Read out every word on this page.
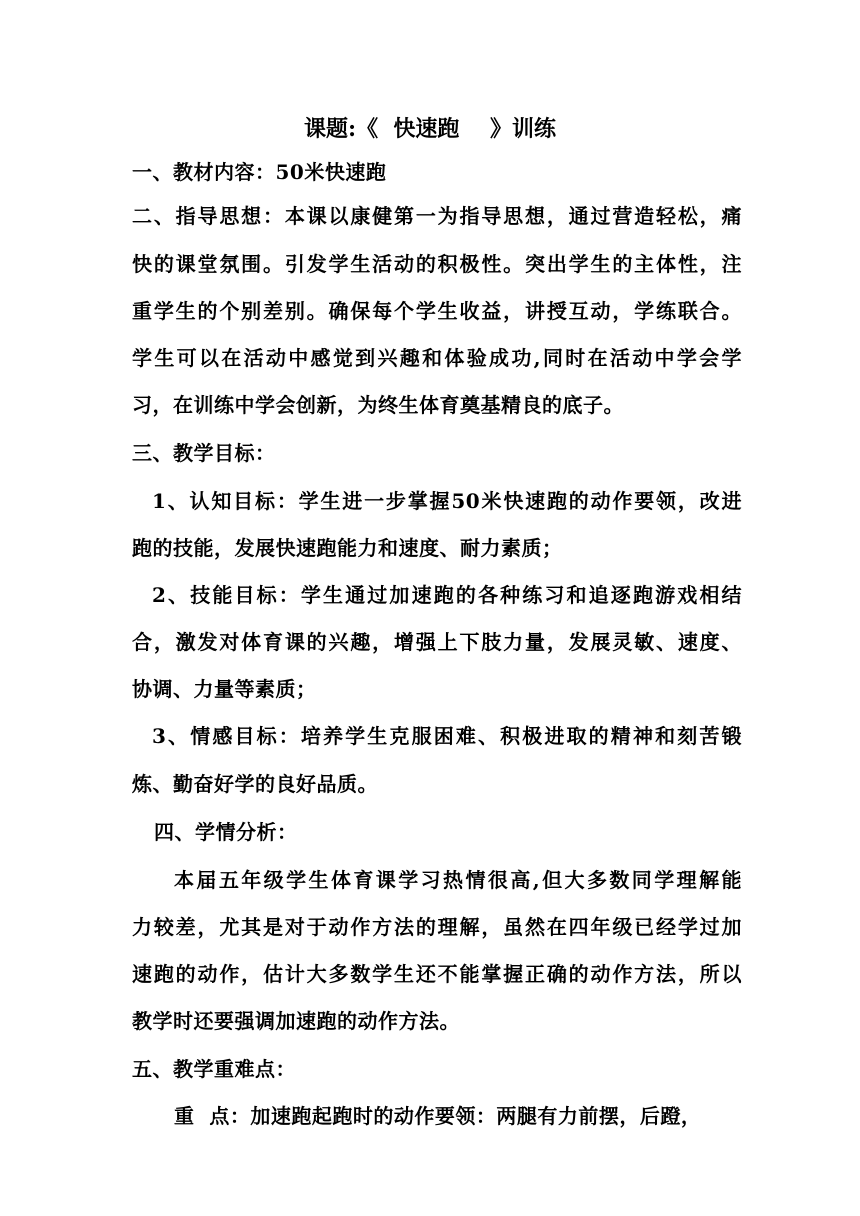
课题:《  快速跑    》训练
一、教材内容：50米快速跑
二、指导思想：本课以康健第一为指导思想，通过营造轻松，痛
快的课堂氛围。引发学生活动的积极性。突出学生的主体性，注
重学生的个别差别。确保每个学生收益，讲授互动，学练联合。
学生可以在活动中感觉到兴趣和体验成功,同时在活动中学会学
习，在训练中学会创新，为终生体育奠基精良的底子。
三、教学目标：
1、认知目标：学生进一步掌握50米快速跑的动作要领，改进
跑的技能，发展快速跑能力和速度、耐力素质；
2、技能目标：学生通过加速跑的各种练习和追逐跑游戏相结
合，激发对体育课的兴趣，增强上下肢力量，发展灵敏、速度、
协调、力量等素质；
3、情感目标：培养学生克服困难、积极进取的精神和刻苦锻
炼、勤奋好学的良好品质。
四、学情分析：
本届五年级学生体育课学习热情很高,但大多数同学理解能
力较差，尤其是对于动作方法的理解，虽然在四年级已经学过加
速跑的动作，估计大多数学生还不能掌握正确的动作方法，所以
教学时还要强调加速跑的动作方法。
五、教学重难点：
重  点：加速跑起跑时的动作要领：两腿有力前摆，后蹬，
